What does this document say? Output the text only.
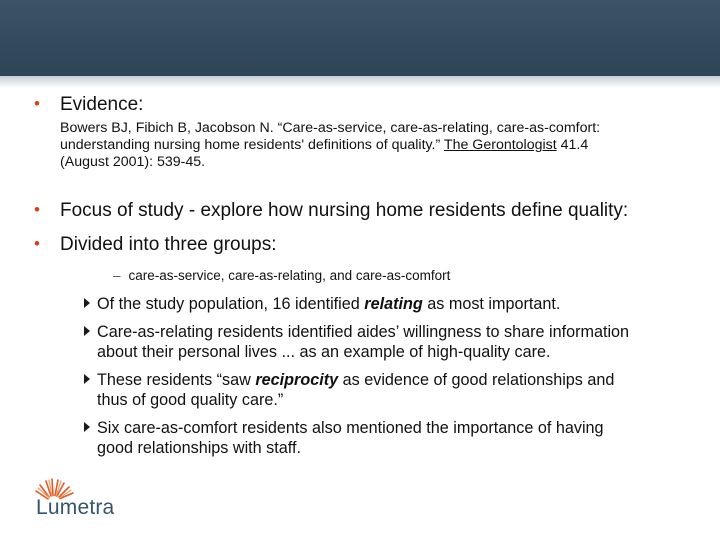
• Evidence:
Bowers BJ, Fibich B, Jacobson N. “Care-as-service, care-as-relating, care-as-comfort:
understanding nursing home residents' definitions of quality.” The Gerontologist 41.4
(August 2001): 539-45.
• Focus of study - explore how nursing home residents define quality:
• Divided into three groups:
– care-as-service, care-as-relating, and care-as-comfort
Of the study population, 16 identified relating as most important.
Care-as-relating residents identified aides’ willingness to share information
about their personal lives ... as an example of high-quality care.
These residents “saw reciprocity as evidence of good relationships and
thus of good quality care.”
Six care-as-comfort residents also mentioned the importance of having
good relationships with staff.
Lumetra
